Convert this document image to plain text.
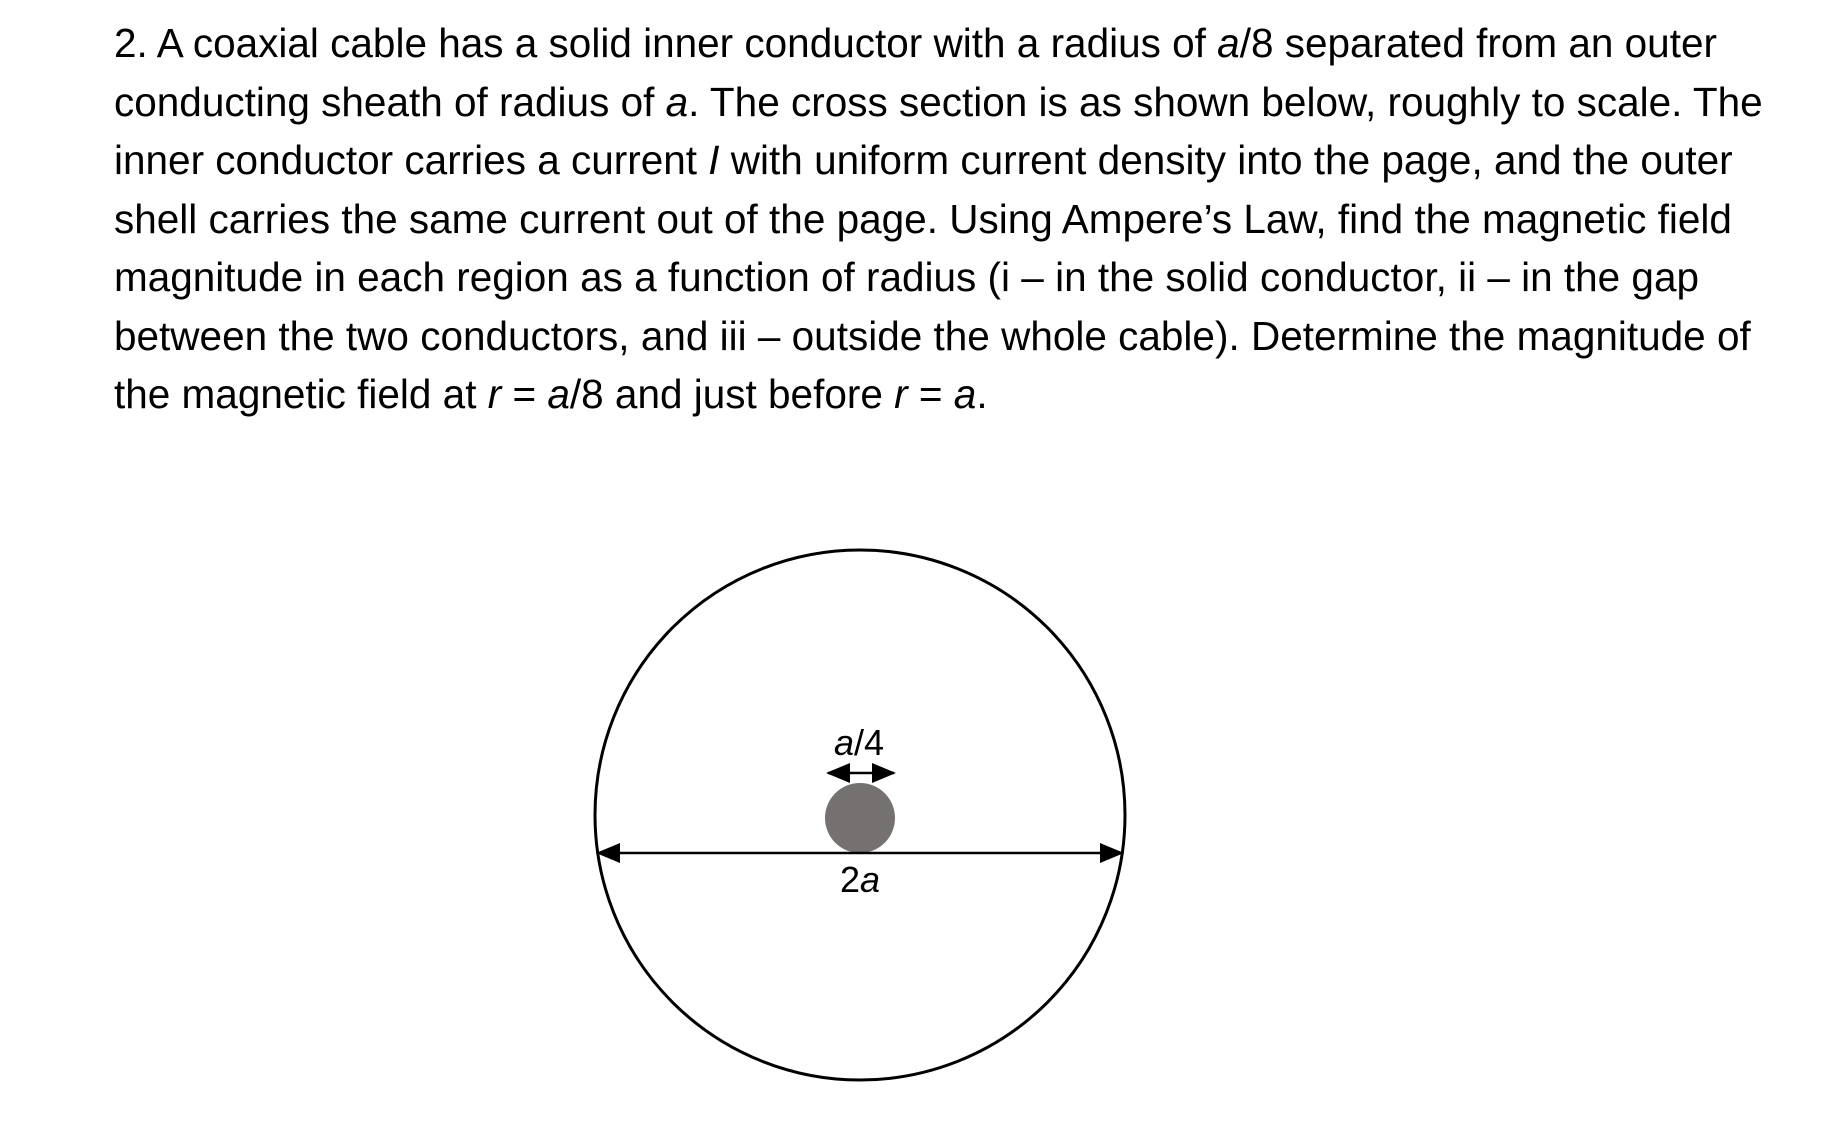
2. A coaxial cable has a solid inner conductor with a radius of a/8 separated from an outer
conducting sheath of radius of a. The cross section is as shown below, roughly to scale. The
inner conductor carries a current I with uniform current density into the page, and the outer
shell carries the same current out of the page. Using Ampere’s Law, find the magnetic field
magnitude in each region as a function of radius (i – in the solid conductor, ii – in the gap
between the two conductors, and iii – outside the whole cable). Determine the magnitude of
the magnetic field at r = a/8 and just before r = a.
a/4
2a
